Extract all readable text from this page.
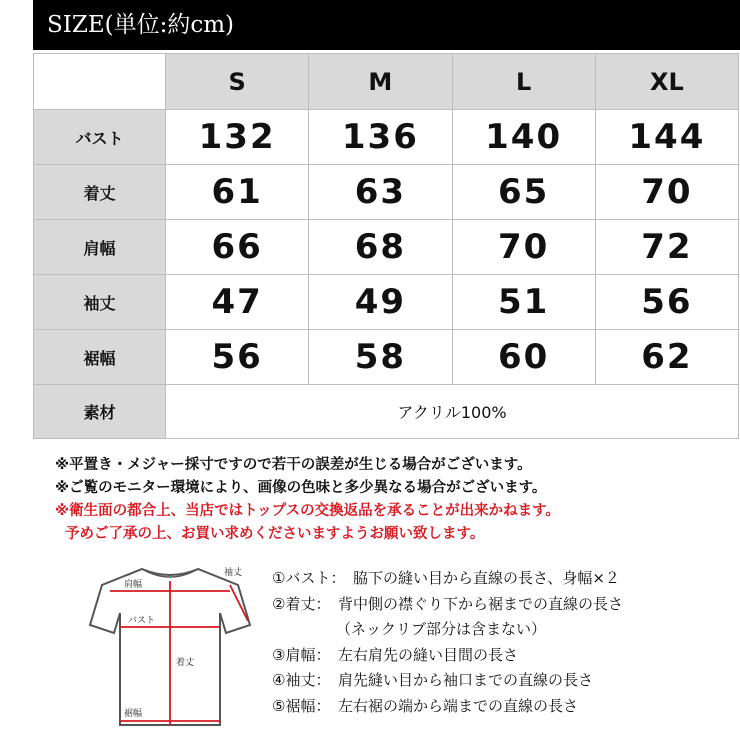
SIZE(単位:約cm)
	S	M	L	XL
バスト	132	136	140	144
着丈	61	63	65	70
肩幅	66	68	70	72
袖丈	47	49	51	56
裾幅	56	58	60	62
素材	アクリル100%			
※平置き・メジャー採寸ですので若干の誤差が生じる場合がございます。
※ご覧のモニター環境により、画像の色味と多少異なる場合がございます。
※衛生面の都合上、当店ではトップスの交換返品を承ることが出来かねます。
予めご了承の上、お買い求めくださいますようお願い致します。
袖丈
肩幅
バスト
着丈
裾幅
①バスト：　脇下の縫い目から直線の長さ、身幅×２
②着丈：　背中側の襟ぐり下から裾までの直線の長さ
（ネックリブ部分は含まない）
③肩幅：　左右肩先の縫い目間の長さ
④袖丈：　肩先縫い目から袖口までの直線の長さ
⑤裾幅：　左右裾の端から端までの直線の長さ
